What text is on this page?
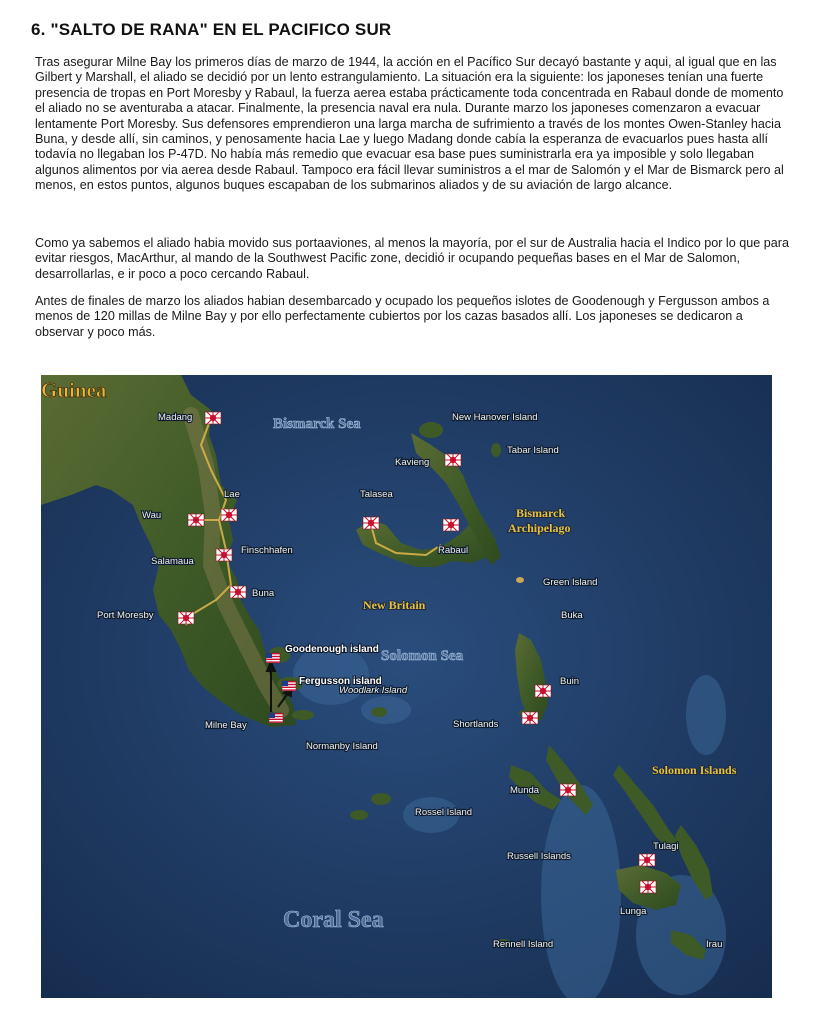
6. "SALTO DE RANA" EN EL PACIFICO SUR

Tras asegurar Milne Bay los primeros días de marzo de 1944, la acción en el Pacífico Sur decayó bastante y aqui, al igual que en las Gilbert y Marshall, el aliado se decidió por un lento estrangulamiento. La situación era la siguiente: los japoneses tenían una fuerte presencia de tropas en Port Moresby y Rabaul, la fuerza aerea estaba prácticamente toda concentrada en Rabaul donde de momento el aliado no se aventuraba a atacar. Finalmente, la presencia naval era nula. Durante marzo los japoneses comenzaron a evacuar lentamente Port Moresby. Sus defensores emprendieron una larga marcha de sufrimiento a través de los montes Owen-Stanley hacia Buna, y desde allí, sin caminos, y penosamente hacia Lae y luego Madang donde cabía la esperanza de evacuarlos pues hasta allí todavía no llegaban los P-47D. No había más remedio que evacuar esa base pues suministrarla era ya imposible y solo llegaban algunos alimentos por via aerea desde Rabaul. Tampoco era fácil llevar suministros a el mar de Salomón y el Mar de Bismarck pero al menos, en estos puntos, algunos buques escapaban de los submarinos aliados y de su aviación de largo alcance.

Como ya sabemos el aliado habia movido sus portaaviones, al menos la mayoría, por el sur de Australia hacia el Indico por lo que para evitar riesgos, MacArthur, al mando de la Southwest Pacific zone, decidió ir ocupando pequeñas bases en el Mar de Salomon, desarrollarlas, e ir poco a poco cercando Rabaul.

Antes de finales de marzo los aliados habian desembarcado y ocupado los pequeños islotes de Goodenough y Fergusson ambos a menos de 120 millas de Milne Bay y por ello perfectamente cubiertos por los cazas basados allí. Los japoneses se dedicaron a observar y poco más.

Guinea
Bismarck Sea
Solomon Sea
Coral Sea
New Britain
Bismarck
Archipelago
Solomon Islands
Madang
Lae
Wau
Finschhafen
Salamaua
Buna
Port Moresby
Milne Bay
Normanby Island
Woodlark Island
Rossel Island
Kavieng
New Hanover Island
Tabar Island
Talasea
Rabaul
Green Island
Buka
Buin
Shortlands
Munda
Tulagi
Russell Islands
Lunga
Rennell Island	Irau
Goodenough island
Fergusson island
